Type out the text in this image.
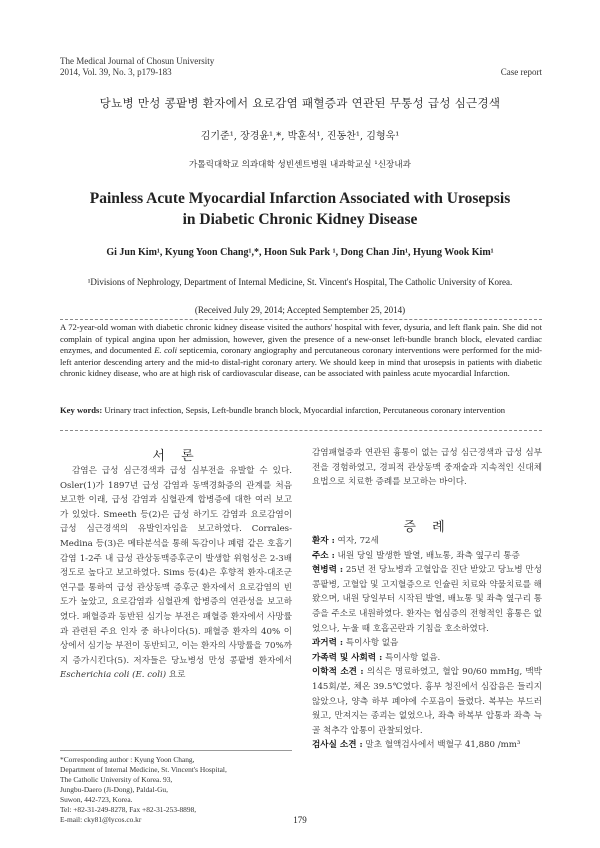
The Medical Journal of Chosun University
2014, Vol. 39, No. 3, p179-183	Case report
당뇨병 만성 콩팥병 환자에서 요로감염 패혈증과 연관된 무통성 급성 심근경색
김기준¹, 장경윤¹,*, 박훈석¹, 진동찬¹, 김형욱¹
가톨릭대학교 의과대학 성빈센트병원 내과학교실 ¹신장내과
Painless Acute Myocardial Infarction Associated with Urosepsis
in Diabetic Chronic Kidney Disease
Gi Jun Kim¹, Kyung Yoon Chang¹,*, Hoon Suk Park ¹, Dong Chan Jin¹, Hyung Wook Kim¹
¹Divisions of Nephrology, Department of Internal Medicine, St. Vincent's Hospital, The Catholic University of Korea.
(Received July 29, 2014; Accepted Semptember 25, 2014)
A 72-year-old woman with diabetic chronic kidney disease visited the authors' hospital with fever, dysuria, and left flank pain. She did not complain of typical angina upon her admission, however, given the presence of a new-onset left-bundle branch block, elevated cardiac enzymes, and documented E. coli septicemia, coronary angiography and percutaneous coronary interventions were performed for the mid-left anterior descending artery and the mid-to distal-right coronary artery. We should keep in mind that urosepsis in patients with diabetic chronic kidney disease, who are at high risk of cardiovascular disease, can be associated with painless acute myocardial Infarction.
Key words: Urinary tract infection, Sepsis, Left-bundle branch block, Myocardial infarction, Percutaneous coronary intervention
서 론

감염은 급성 심근경색과 급성 심부전을 유발할 수 있다. Osler(1)가 1897년 급성 감염과 동맥경화증의 관계를 처음 보고한 이래, 급성 감염과 심혈관계 합병증에 대한 여러 보고가 있었다. Smeeth 등(2)은 급성 하기도 감염과 요로감염이 급성 심근경색의 유발인자임을 보고하였다. Corrales-Medina 등(3)은 메타분석을 통해 독감이나 폐렴 같은 호흡기 감염 1-2주 내 급성 관상동맥증후군이 발생할 위험성은 2-3배 정도로 높다고 보고하였다. Sims 등(4)은 후향적 환자-대조군 연구를 통하여 급성 관상동맥 증후군 환자에서 요로감염의 빈도가 높았고, 요로감염과 심혈관계 합병증의 연관성을 보고하였다. 패혈증과 동반된 심기능 부전은 패혈증 환자에서 사망률과 관련된 주요 인자 중 하나이다(5). 패혈증 환자의 40% 이상에서 심기능 부전이 동반되고, 이는 환자의 사망률을 70%까지 증가시킨다(5). 저자들은 당뇨병성 만성 콩팥병 환자에서 Escherichia coli (E. coli) 요로

*Corresponding author : Kyung Yoon Chang,
Department of Internal Medicine, St. Vincent's Hospital,
The Catholic University of Korea. 93,
Jungbu-Daero (Ji-Dong), Paldal-Gu,
Suwon, 442-723, Korea.
Tel: +82-31-249-8278, Fax +82-31-253-8898,
E-mail: cky81@lycos.co.kr

감염패혈증과 연관된 흉통이 없는 급성 심근경색과 급성 심부전을 경험하였고, 경피적 관상동맥 중재술과 지속적인 신대체 요법으로 치료한 증례를 보고하는 바이다.

증 례

환자 : 여자, 72세

주소 : 내원 당일 발생한 발열, 배뇨통, 좌측 옆구리 통증

현병력 : 25년 전 당뇨병과 고혈압을 진단 받았고 당뇨병 만성 콩팥병, 고혈압 및 고지혈증으로 인슐린 치료와 약물치료를 해왔으며, 내원 당일부터 시작된 발열, 배뇨통 및 좌측 옆구리 통증을 주소로 내원하였다. 환자는 협심증의 전형적인 흉통은 없었으나, 누울 때 호흡곤란과 기침을 호소하였다.

과거력 : 특이사항 없음

가족력 및 사회력 : 특이사항 없음.

이학적 소견 : 의식은 명료하였고, 혈압 90/60 mmHg, 맥박 145회/분, 체온 39.5℃였다. 흉부 청진에서 심잡음은 들리지 않았으나, 양측 하부 폐야에 수포음이 들렸다. 복부는 부드러웠고, 만져지는 종괴는 없었으나, 좌측 하복부 압통과 좌측 늑골 척추각 압통이 관찰되었다.

검사실 소견 : 말초 혈액검사에서 백혈구 41,880 /mm³

179
